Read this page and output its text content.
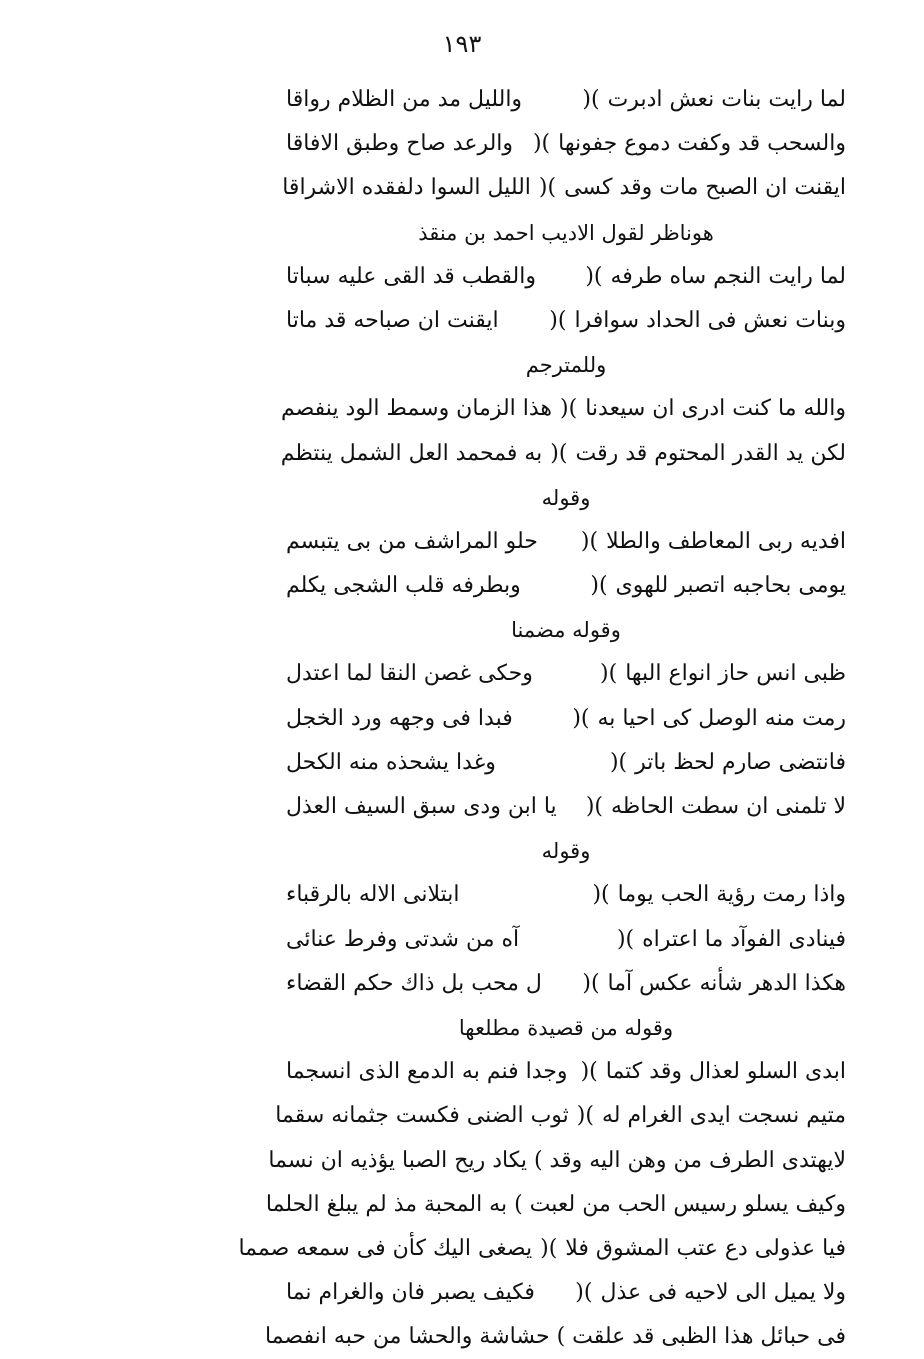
١٩٣
لما رايت بنات نعش ادبرت
)(
والليل مد من الظلام رواقا
والسحب قد وكفت دموع جفونها
)(
والرعد صاح وطبق الافاقا
ايقنت ان الصبح مات وقد كسى
)(
الليل السوا دلفقده الاشراقا
هوناظر لقول الاديب احمد بن منقذ
لما رايت النجم ساه طرفه
)(
والقطب قد القى عليه سباتا
وبنات نعش فى الحداد سوافرا
)(
ايقنت ان صباحه قد ماتا
وللمترجم
والله ما كنت ادرى ان سيعدنا
)(
هذا الزمان وسمط الود ينفصم
لكن يد القدر المحتوم قد رقت
)(
به فمحمد العل الشمل ينتظم
وقوله
افديه ربى المعاطف والطلا
)(
حلو المراشف من بى يتبسم
يومى بحاجبه اتصبر للهوى
)(
وبطرفه قلب الشجى يكلم
وقوله مضمنا
ظبى انس حاز انواع البها
)(
وحكى غصن النقا لما اعتدل
رمت منه الوصل كى احيا به
)(
فبدا فى وجهه ورد الخجل
فانتضى صارم لحظ باتر
)(
وغدا يشحذه منه الكحل
لا تلمنى ان سطت الحاظه
)(
يا ابن ودى سبق السيف العذل
وقوله
واذا رمت رؤية الحب يوما
)(
ابتلانى الاله بالرقباء
فينادى الفوآد ما اعتراه
)(
آه من شدتى وفرط عنائى
هكذا الدهر شأنه عكس آما
)(
ل محب بل ذاك حكم القضاء
وقوله من قصيدة مطلعها
ابدى السلو لعذال وقد كتما
)(
وجدا فنم به الدمع الذى انسجما
متيم نسجت ايدى الغرام له
)(
ثوب الضنى فكست جثمانه سقما
لايهتدى الطرف من وهن اليه وقد ) يكاد ريح الصبا يؤذيه ان نسما
وكيف يسلو رسيس الحب من لعبت ) به المحبة مذ لم يبلغ الحلما
فيا عذولى دع عتب المشوق فلا
)(
يصغى اليك كأن فى سمعه صمما
ولا يميل الى لاحيه فى عذل
)(
فكيف يصبر فان والغرام نما
فى حبائل هذا الظبى قد علقت ) حشاشة والحشا من حبه انفصما
